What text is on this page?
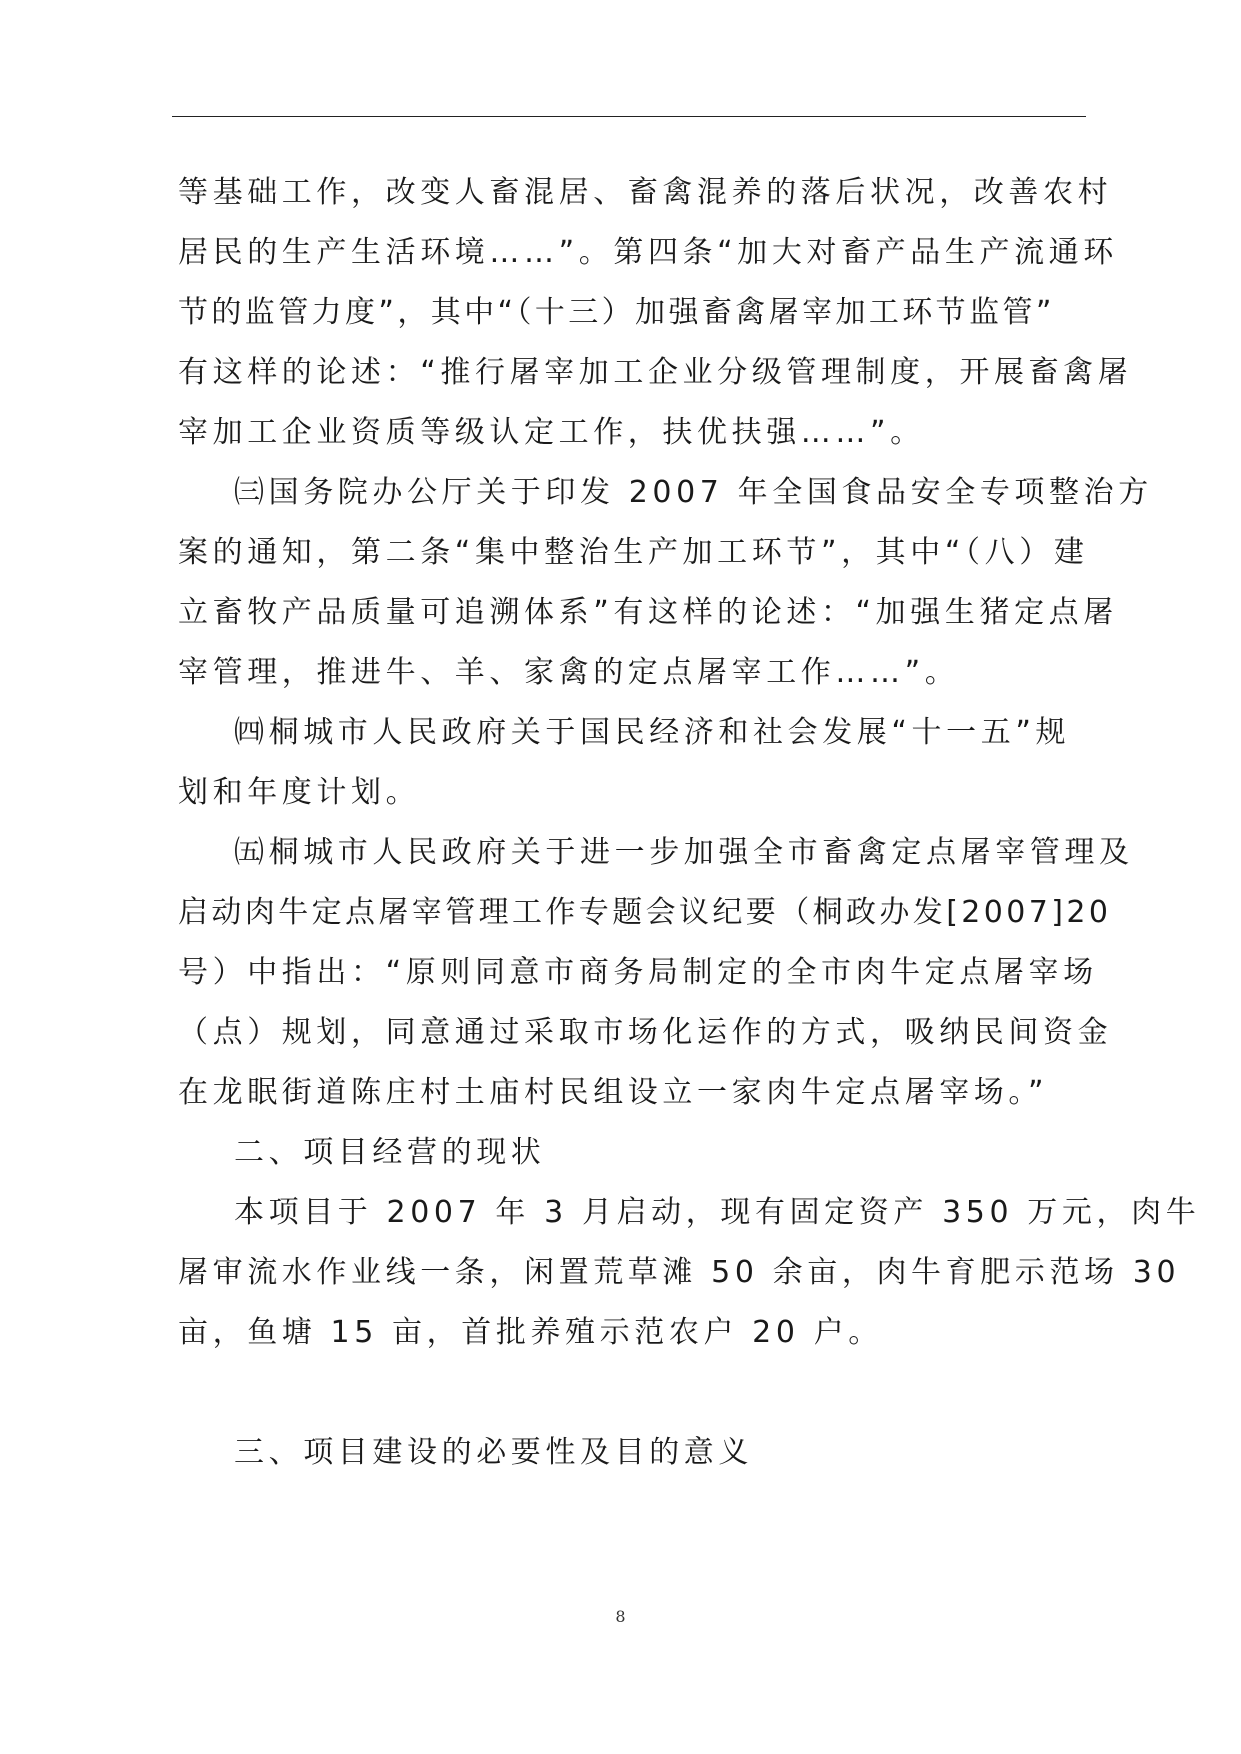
等基础工作，改变人畜混居、畜禽混养的落后状况，改善农村
居民的生产生活环境……”。第四条“加大对畜产品生产流通环
节的监管力度”，其中“（十三）加强畜禽屠宰加工环节监管”
有这样的论述：“推行屠宰加工企业分级管理制度，开展畜禽屠
宰加工企业资质等级认定工作，扶优扶强……”。
㈢国务院办公厅关于印发 2007 年全国食品安全专项整治方
案的通知，第二条“集中整治生产加工环节”，其中“（八）建
立畜牧产品质量可追溯体系”有这样的论述：“加强生猪定点屠
宰管理，推进牛、羊、家禽的定点屠宰工作……”。
㈣桐城市人民政府关于国民经济和社会发展“十一五”规
划和年度计划。
㈤桐城市人民政府关于进一步加强全市畜禽定点屠宰管理及
启动肉牛定点屠宰管理工作专题会议纪要（桐政办发[2007]20
号）中指出：“原则同意市商务局制定的全市肉牛定点屠宰场
（点）规划，同意通过采取市场化运作的方式，吸纳民间资金
在龙眠街道陈庄村土庙村民组设立一家肉牛定点屠宰场。”
二、项目经营的现状
本项目于 2007 年 3 月启动，现有固定资产 350 万元，肉牛
屠审流水作业线一条，闲置荒草滩 50 余亩，肉牛育肥示范场 30
亩，鱼塘 15 亩，首批养殖示范农户 20 户。
三、项目建设的必要性及目的意义
8
